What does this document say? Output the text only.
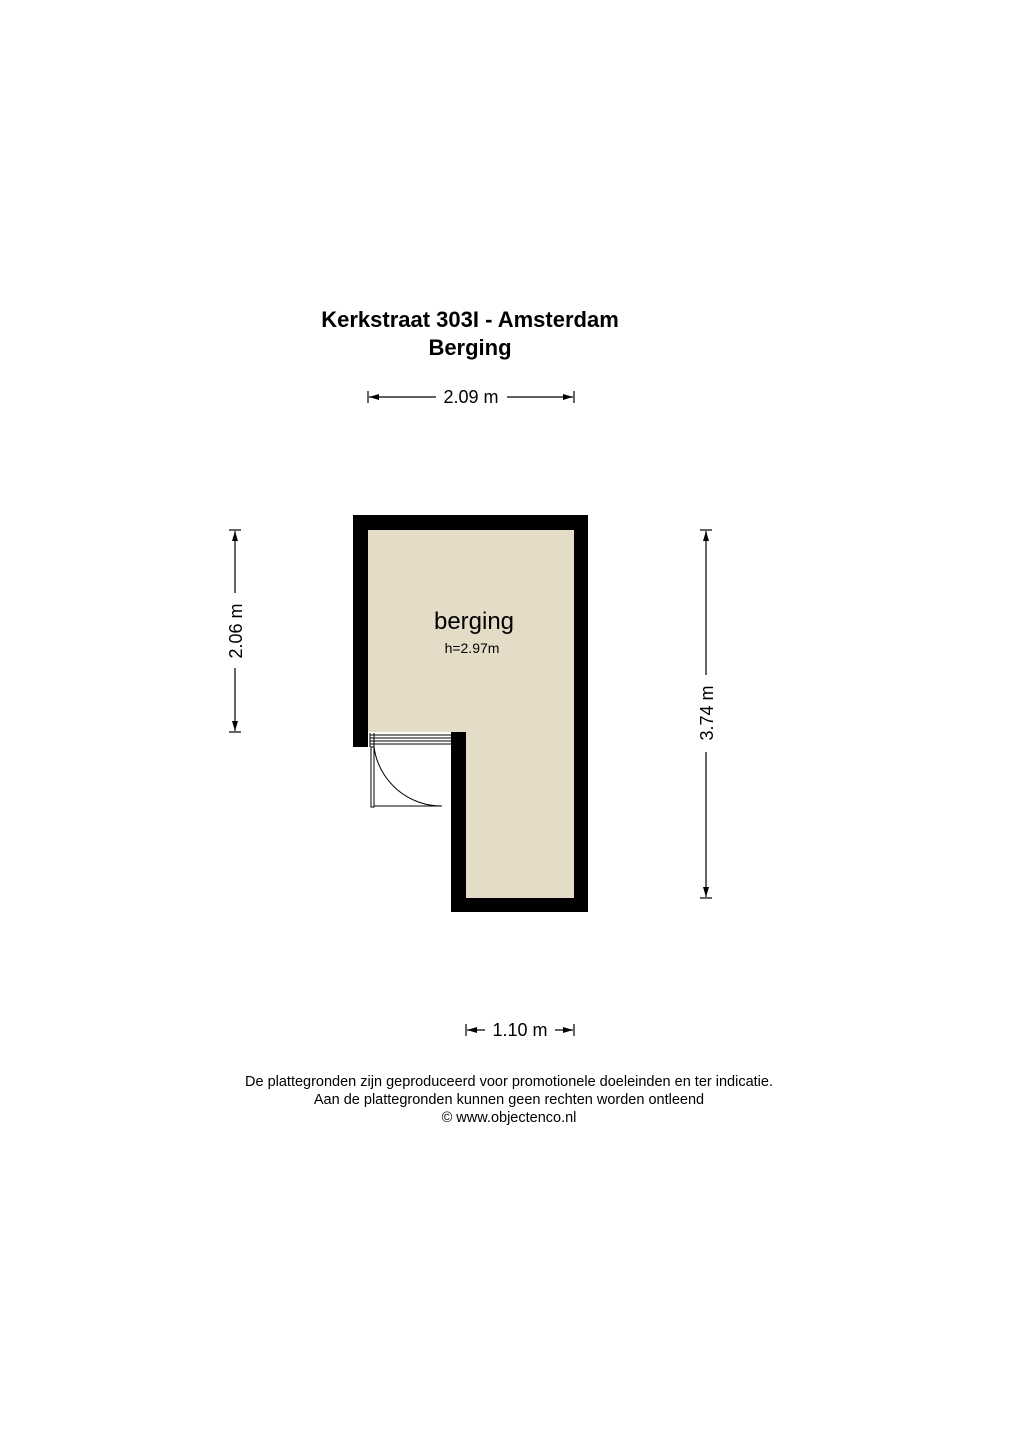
Kerkstraat 303I - Amsterdam
Berging
berging
h=2.97m
2.09 m
2.06 m
3.74 m
1.10 m
De plattegronden zijn geproduceerd voor promotionele doeleinden en ter indicatie.
Aan de plattegronden kunnen geen rechten worden ontleend
© www.objectenco.nl
